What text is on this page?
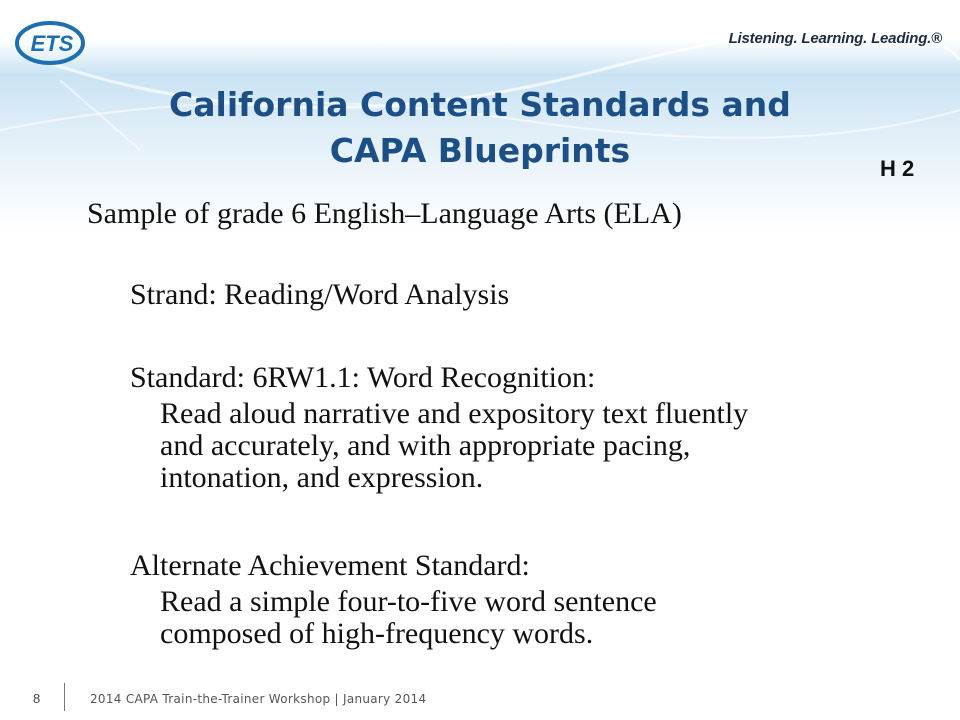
ETS	Listening. Learning. Leading.®
California Content Standards and
CAPA Blueprints	H 2
Sample of grade 6 English–Language Arts (ELA)
Strand: Reading/Word Analysis
Standard: 6RW1.1: Word Recognition:
Read aloud narrative and expository text fluently
and accurately, and with appropriate pacing,
intonation, and expression.
Alternate Achievement Standard:
Read a simple four-to-five word sentence
composed of high-frequency words.
8	2014 CAPA Train-the-Trainer Workshop | January 2014
